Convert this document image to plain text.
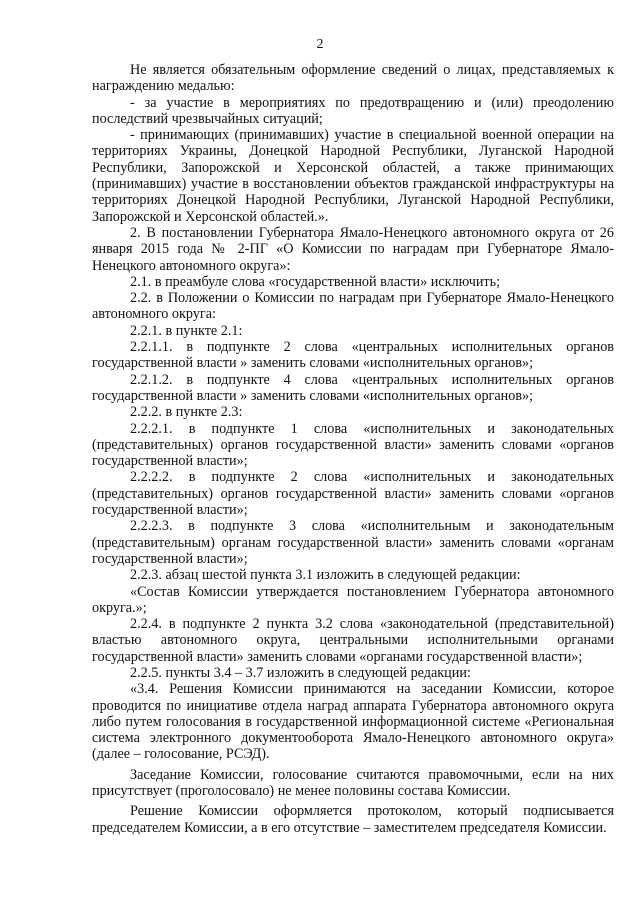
2

Не является обязательным оформление сведений о лицах, представляемых к награждению медалью:

- за участие в мероприятиях по предотвращению и (или) преодолению последствий чрезвычайных ситуаций;

- принимающих (принимавших) участие в специальной военной операции на территориях Украины, Донецкой Народной Республики, Луганской Народной Республики, Запорожской и Херсонской областей, а также принимающих (принимавших) участие в восстановлении объектов гражданской инфраструктуры на территориях Донецкой Народной Республики, Луганской Народной Республики, Запорожской и Херсонской областей.».

2. В постановлении Губернатора Ямало-Ненецкого автономного округа от 26 января 2015 года № 2-ПГ «О Комиссии по наградам при Губернаторе Ямало-Ненецкого автономного округа»:

2.1. в преамбуле слова «государственной власти» исключить;

2.2. в Положении о Комиссии по наградам при Губернаторе Ямало-Ненецкого автономного округа:

2.2.1. в пункте 2.1:

2.2.1.1. в подпункте 2 слова «центральных исполнительных органов государственной власти » заменить словами «исполнительных органов»;

2.2.1.2. в подпункте 4 слова «центральных исполнительных органов государственной власти » заменить словами «исполнительных органов»;

2.2.2. в пункте 2.3:

2.2.2.1. в подпункте 1 слова «исполнительных и законодательных (представительных) органов государственной власти» заменить словами «органов государственной власти»;

2.2.2.2. в подпункте 2 слова «исполнительных и законодательных (представительных) органов государственной власти» заменить словами «органов государственной власти»;

2.2.2.3. в подпункте 3 слова «исполнительным и законодательным (представительным) органам государственной власти» заменить словами «органам государственной власти»;

2.2.3. абзац шестой пункта 3.1 изложить в следующей редакции:

«Состав Комиссии утверждается постановлением Губернатора автономного округа.»;

2.2.4. в подпункте 2 пункта 3.2 слова «законодательной (представительной) властью автономного округа, центральными исполнительными органами государственной власти» заменить словами «органами государственной власти»;

2.2.5. пункты 3.4 – 3.7 изложить в следующей редакции:

«3.4. Решения Комиссии принимаются на заседании Комиссии, которое проводится по инициативе отдела наград аппарата Губернатора автономного округа либо путем голосования в государственной информационной системе «Региональная система электронного документооборота Ямало-Ненецкого автономного округа» (далее – голосование, РСЭД).

Заседание Комиссии, голосование считаются правомочными, если на них присутствует (проголосовало) не менее половины состава Комиссии.

Решение Комиссии оформляется протоколом, который подписывается председателем Комиссии, а в его отсутствие – заместителем председателя Комиссии.
